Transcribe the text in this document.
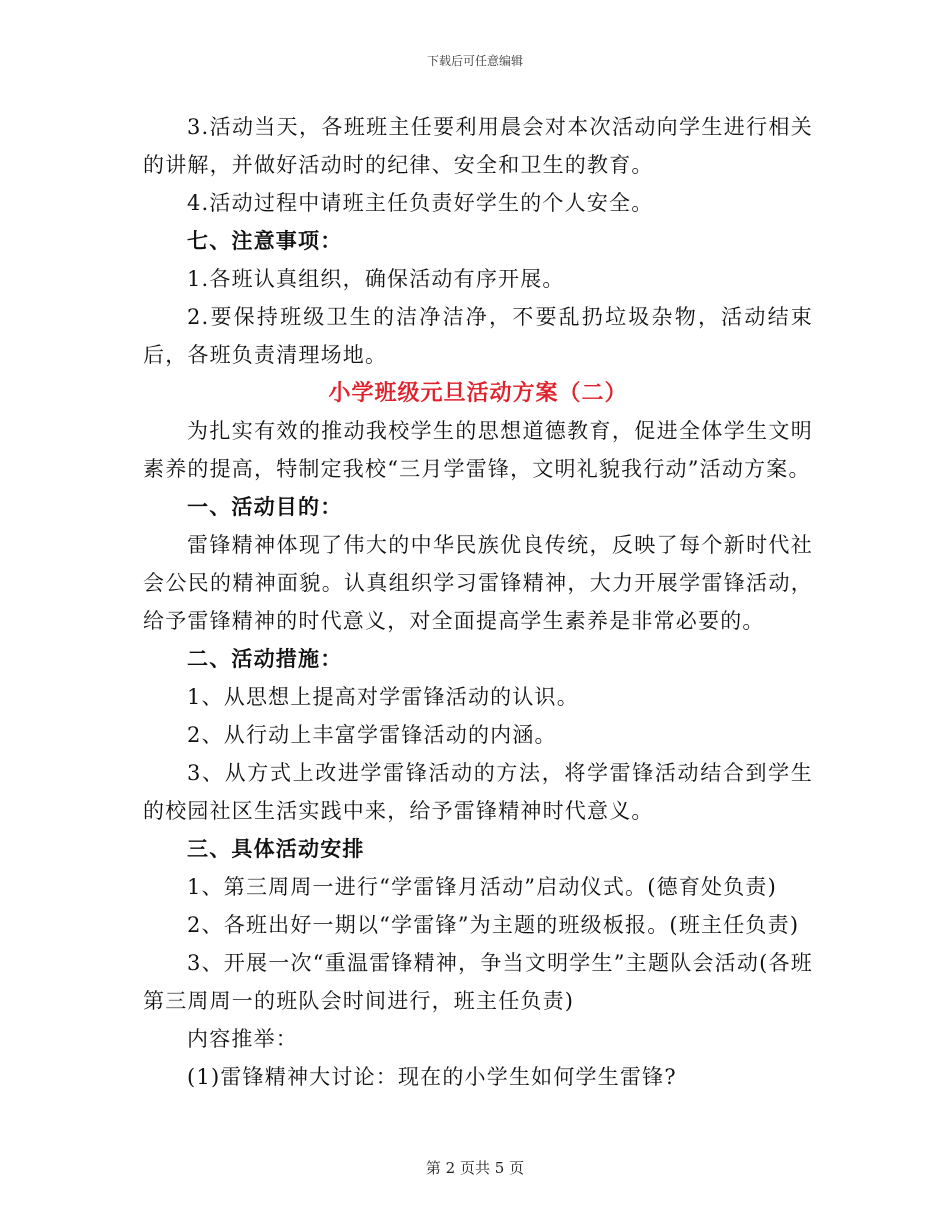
下载后可任意编辑

3.活动当天，各班班主任要利用晨会对本次活动向学生进行相关的讲解，并做好活动时的纪律、安全和卫生的教育。

4.活动过程中请班主任负责好学生的个人安全。

七、注意事项：

1.各班认真组织，确保活动有序开展。

2.要保持班级卫生的洁净洁净，不要乱扔垃圾杂物，活动结束后，各班负责清理场地。

小学班级元旦活动方案（二）

为扎实有效的推动我校学生的思想道德教育，促进全体学生文明素养的提高，特制定我校“三月学雷锋，文明礼貌我行动”活动方案。

一、活动目的：

雷锋精神体现了伟大的中华民族优良传统，反映了每个新时代社会公民的精神面貌。认真组织学习雷锋精神，大力开展学雷锋活动，给予雷锋精神的时代意义，对全面提高学生素养是非常必要的。

二、活动措施：

1、从思想上提高对学雷锋活动的认识。

2、从行动上丰富学雷锋活动的内涵。

3、从方式上改进学雷锋活动的方法，将学雷锋活动结合到学生的校园社区生活实践中来，给予雷锋精神时代意义。

三、具体活动安排

1、第三周周一进行“学雷锋月活动”启动仪式。(德育处负责)

2、各班出好一期以“学雷锋”为主题的班级板报。(班主任负责)

3、开展一次“重温雷锋精神，争当文明学生”主题队会活动(各班第三周周一的班队会时间进行，班主任负责)

内容推举：

(1)雷锋精神大讨论：现在的小学生如何学生雷锋?

第 2 页共 5 页
